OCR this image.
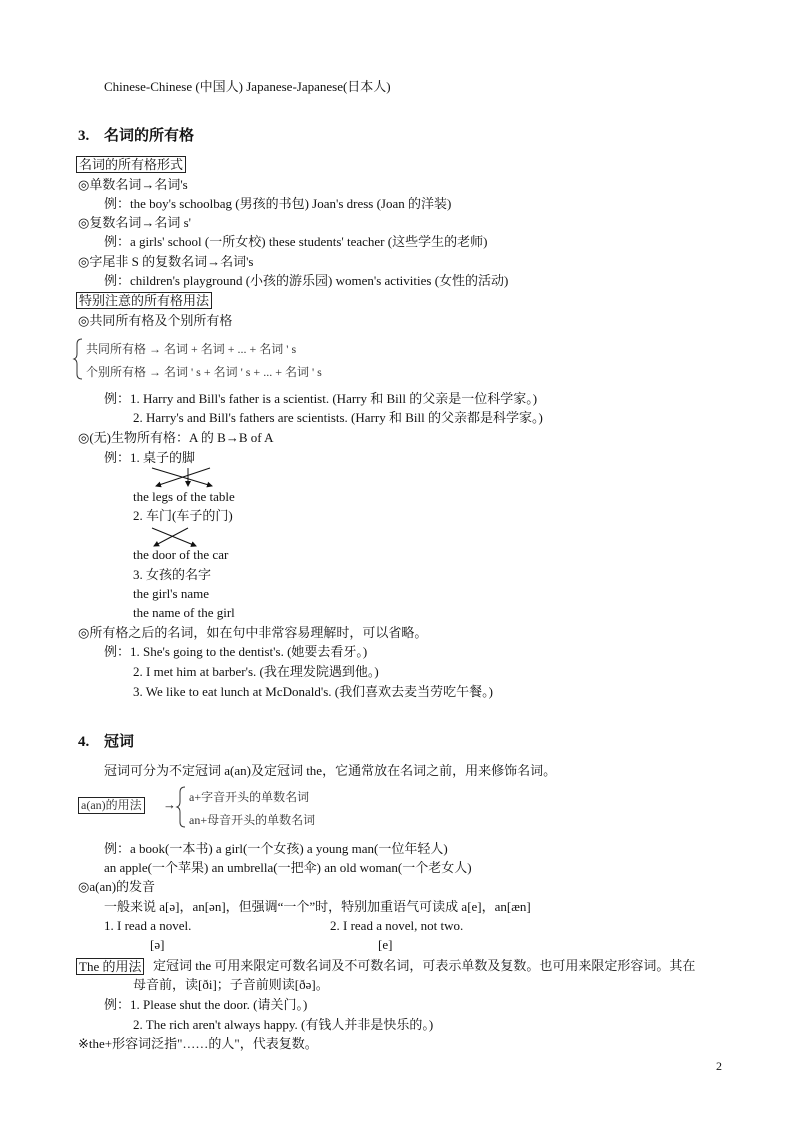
Chinese-Chinese (中国人) Japanese-Japanese(日本人)
3. 名词的所有格
名词的所有格形式
◎单数名词→名词's
例：the boy's schoolbag (男孩的书包) Joan's dress (Joan 的洋装)
◎复数名词→名词 s'
例：a girls' school (一所女校) these students' teacher (这些学生的老师)
◎字尾非 S 的复数名词→名词's
例：children's playground (小孩的游乐园) women's activities (女性的活动)
特别注意的所有格用法
◎共同所有格及个别所有格
共同所有格 → 名词 + 名词 + ... + 名词 ' s
个别所有格 → 名词 ' s + 名词 ' s + ... + 名词 ' s
例：1. Harry and Bill's father is a scientist. (Harry 和 Bill 的父亲是一位科学家。)
2. Harry's and Bill's fathers are scientists. (Harry 和 Bill 的父亲都是科学家。)
◎(无)生物所有格：A 的 B→B of A
例：1. 桌子的脚
the legs of the table
2. 车门(车子的门)
the door of the car
3. 女孩的名字
the girl's name
the name of the girl
◎所有格之后的名词，如在句中非常容易理解时，可以省略。
例：1. She's going to the dentist's. (她要去看牙。)
2. I met him at barber's. (我在理发院遇到他。)
3. We like to eat lunch at McDonald's. (我们喜欢去麦当劳吃午餐。)
4. 冠词
冠词可分为不定冠词 a(an)及定冠词 the，它通常放在名词之前，用来修饰名词。
a(an)的用法 → a+字音开头的单数名词
an+母音开头的单数名词
例：a book(一本书) a girl(一个女孩) a young man(一位年轻人)
an apple(一个苹果) an umbrella(一把伞) an old woman(一个老女人)
◎a(an)的发音
一般来说 a[ə]，an[ən]，但强调“一个”时，特别加重语气可读成 a[e]，an[æn]
1. I read a novel.	2. I read a novel, not two.
[ə]	[e]
The 的用法 定冠词 the 可用来限定可数名词及不可数名词，可表示单数及复数。也可用来限定形容词。其在
母音前，读[ði]；子音前则读[ðə]。
例：1. Please shut the door. (请关门。)
2. The rich aren't always happy. (有钱人并非是快乐的。)
※the+形容词泛指"……的人"，代表复数。
2
